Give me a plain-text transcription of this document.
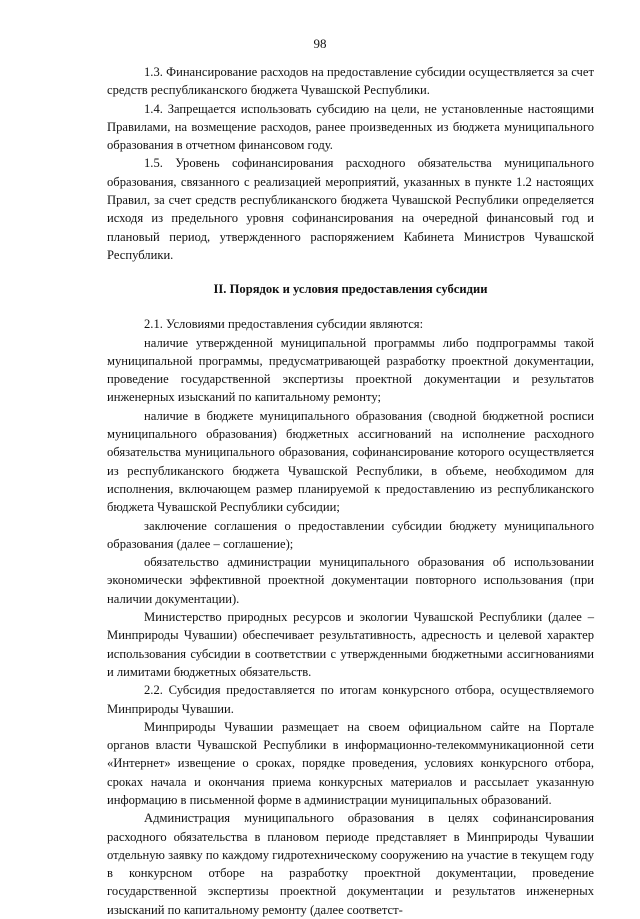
98

1.3. Финансирование расходов на предоставление субсидии осуществляется за счет средств республиканского бюджета Чувашской Республики.

1.4. Запрещается использовать субсидию на цели, не установленные настоящими Правилами, на возмещение расходов, ранее произведенных из бюджета муниципального образования в отчетном финансовом году.

1.5. Уровень софинансирования расходного обязательства муниципального образования, связанного с реализацией мероприятий, указанных в пункте 1.2 настоящих Правил, за счет средств республиканского бюджета Чувашской Республики определяется исходя из предельного уровня софинансирования на очередной финансовый год и плановый период, утвержденного распоряжением Кабинета Министров Чувашской Республики.

II. Порядок и условия предоставления субсидии

2.1. Условиями предоставления субсидии являются:

наличие утвержденной муниципальной программы либо подпрограммы такой муниципальной программы, предусматривающей разработку проектной документации, проведение государственной экспертизы проектной документации и результатов инженерных изысканий по капитальному ремонту;

наличие в бюджете муниципального образования (сводной бюджетной росписи муниципального образования) бюджетных ассигнований на исполнение расходного обязательства муниципального образования, софинансирование которого осуществляется из республиканского бюджета Чувашской Республики, в объеме, необходимом для исполнения, включающем размер планируемой к предоставлению из республиканского бюджета Чувашской Республики субсидии;

заключение соглашения о предоставлении субсидии бюджету муниципального образования (далее – соглашение);

обязательство администрации муниципального образования об использовании экономически эффективной проектной документации повторного использования (при наличии документации).

Министерство природных ресурсов и экологии Чувашской Республики (далее – Минприроды Чувашии) обеспечивает результативность, адресность и целевой характер использования субсидии в соответствии с утвержденными бюджетными ассигнованиями и лимитами бюджетных обязательств.

2.2. Субсидия предоставляется по итогам конкурсного отбора, осуществляемого Минприроды Чувашии.

Минприроды Чувашии размещает на своем официальном сайте на Портале органов власти Чувашской Республики в информационно-телекоммуникационной сети «Интернет» извещение о сроках, порядке проведения, условиях конкурсного отбора, сроках начала и окончания приема конкурсных материалов и рассылает указанную информацию в письменной форме в администрации муниципальных образований.

Администрация муниципального образования в целях софинансирования расходного обязательства в плановом периоде представляет в Минприроды Чувашии отдельную заявку по каждому гидротехническому сооружению на участие в текущем году в конкурсном отборе на разработку проектной документации, проведение государственной экспертизы проектной документации и результатов инженерных изысканий по капитальному ремонту (далее соответст-
